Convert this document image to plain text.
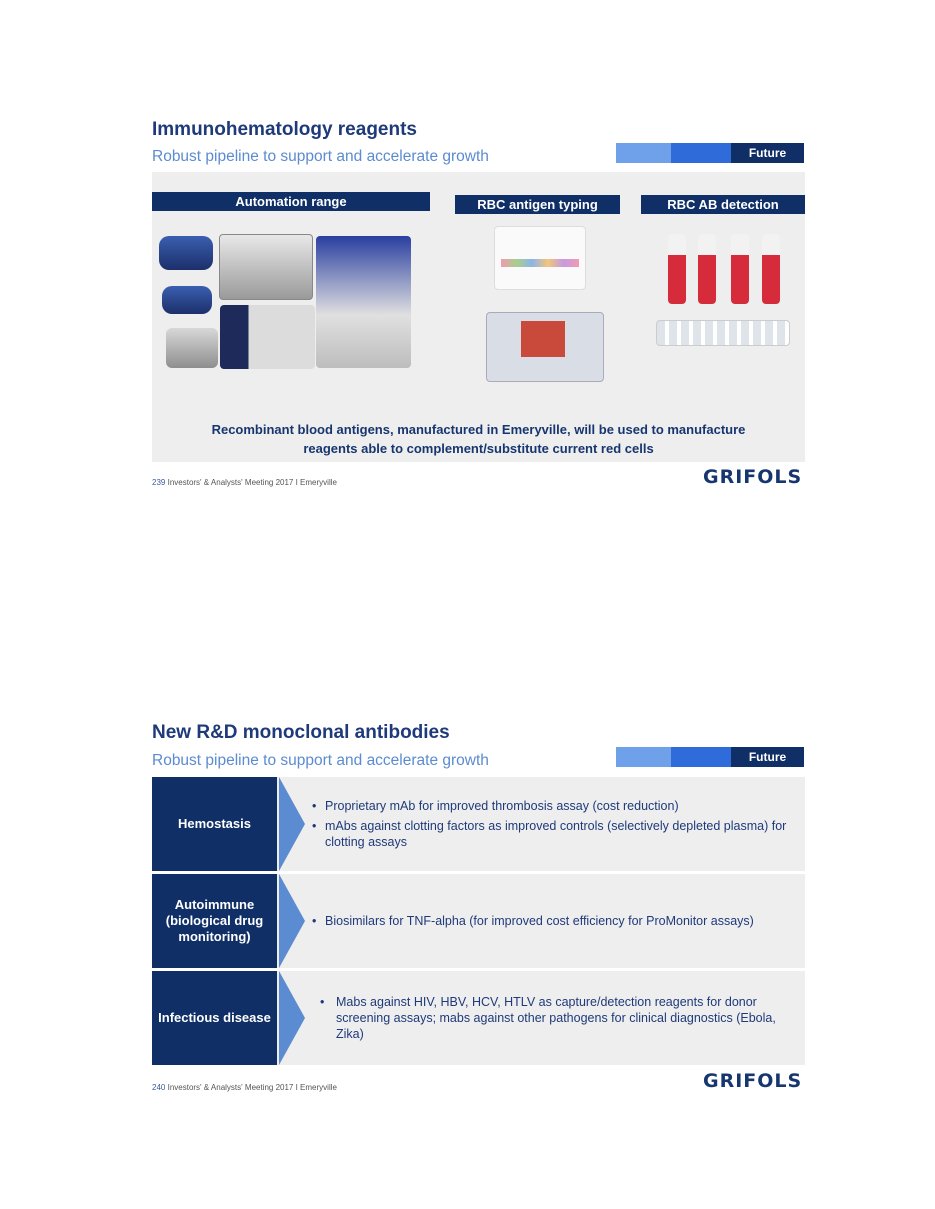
Immunohematology reagents
Robust pipeline to support and accelerate growth	Future
Automation range	RBC antigen typing	RBC AB detection
Recombinant blood antigens, manufactured in Emeryville, will be used to manufacture
reagents able to complement/substitute current red cells
239 Investors' & Analysts' Meeting 2017 I Emeryville	GRIFOLS
New R&D monoclonal antibodies
Robust pipeline to support and accelerate growth	Future
Hemostasis
• Proprietary mAb for improved thrombosis assay (cost reduction)
• mAbs against clotting factors as improved controls (selectively depleted plasma) for clotting assays
Autoimmune (biological drug monitoring)
• Biosimilars for TNF-alpha (for improved cost efficiency for ProMonitor assays)
Infectious disease
• Mabs against HIV, HBV, HCV, HTLV as capture/detection reagents for donor screening assays; mabs against other pathogens for clinical diagnostics (Ebola, Zika)
240 Investors' & Analysts' Meeting 2017 I Emeryville	GRIFOLS
